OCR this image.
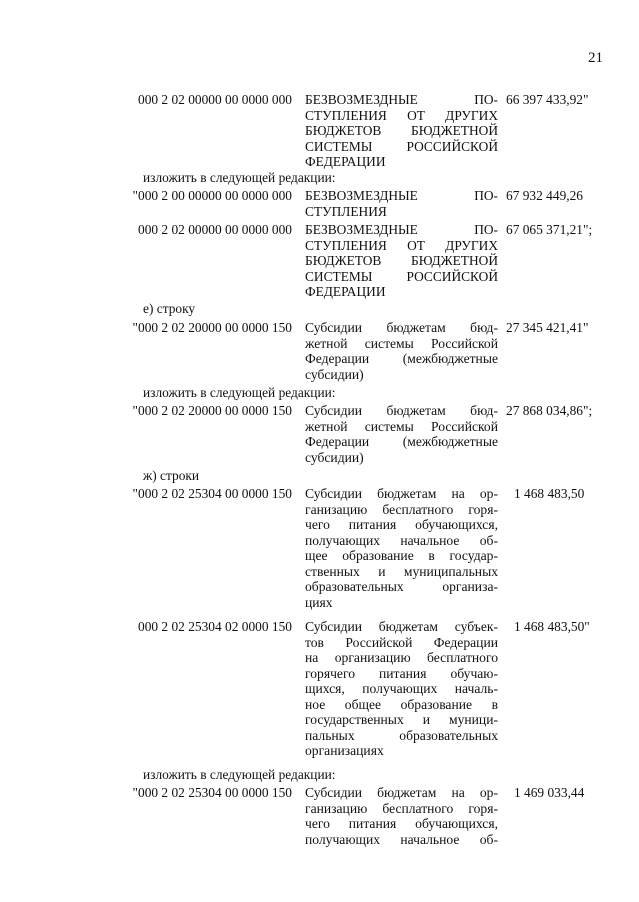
21
000 2 02 00000 00 0000 000 БЕЗВОЗМЕЗДНЫЕ ПО-
СТУПЛЕНИЯ ОТ ДРУГИХ
БЮДЖЕТОВ БЮДЖЕТНОЙ
СИСТЕМЫ РОССИЙСКОЙ
ФЕДЕРАЦИИ
66 397 433,92"
изложить в следующей редакции:
"000 2 00 00000 00 0000 000 БЕЗВОЗМЕЗДНЫЕ ПО-
СТУПЛЕНИЯ
67 932 449,26
000 2 02 00000 00 0000 000 БЕЗВОЗМЕЗДНЫЕ ПО-
СТУПЛЕНИЯ ОТ ДРУГИХ
БЮДЖЕТОВ БЮДЖЕТНОЙ
СИСТЕМЫ РОССИЙСКОЙ
ФЕДЕРАЦИИ
67 065 371,21";
е) строку
"000 2 02 20000 00 0000 150 Субсидии бюджетам бюд-
жетной системы Российской
Федерации (межбюджетные
субсидии)
27 345 421,41"
изложить в следующей редакции:
"000 2 02 20000 00 0000 150 Субсидии бюджетам бюд-
жетной системы Российской
Федерации (межбюджетные
субсидии)
27 868 034,86";
ж) строки
"000 2 02 25304 00 0000 150 Субсидии бюджетам на ор-
ганизацию бесплатного горя-
чего питания обучающихся,
получающих начальное об-
щее образование в государ-
ственных и муниципальных
образовательных организа-
циях
1 468 483,50
000 2 02 25304 02 0000 150 Субсидии бюджетам субъек-
тов Российской Федерации
на организацию бесплатного
горячего питания обучаю-
щихся, получающих началь-
ное общее образование в
государственных и муници-
пальных образовательных
организациях
1 468 483,50"
изложить в следующей редакции:
"000 2 02 25304 00 0000 150 Субсидии бюджетам на ор-
ганизацию бесплатного горя-
чего питания обучающихся,
получающих начальное об-
1 469 033,44
